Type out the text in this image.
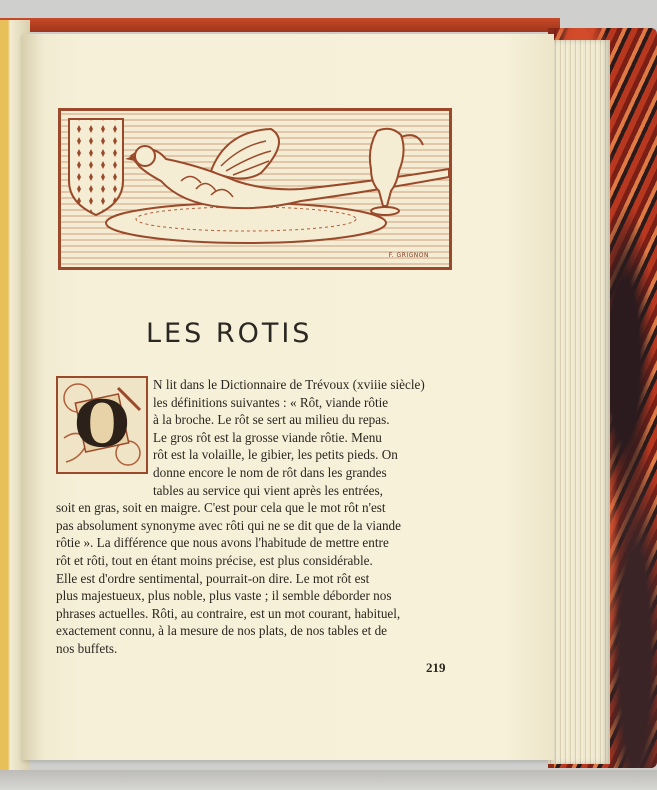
F. GRIGNON
LES ROTIS
O
N lit dans le Dictionnaire de Trévoux (xviiie siècle)
les définitions suivantes : « Rôt, viande rôtie
à la broche. Le rôt se sert au milieu du repas.
Le gros rôt est la grosse viande rôtie. Menu
rôt est la volaille, le gibier, les petits pieds. On
donne encore le nom de rôt dans les grandes
tables au service qui vient après les entrées,
soit en gras, soit en maigre. C'est pour cela que le mot rôt n'est
pas absolument synonyme avec rôti qui ne se dit que de la viande
rôtie ». La différence que nous avons l'habitude de mettre entre
rôt et rôti, tout en étant moins précise, est plus considérable.
Elle est d'ordre sentimental, pourrait-on dire. Le mot rôt est
plus majestueux, plus noble, plus vaste ; il semble déborder nos
phrases actuelles. Rôti, au contraire, est un mot courant, habituel,
exactement connu, à la mesure de nos plats, de nos tables et de
nos buffets.
219
